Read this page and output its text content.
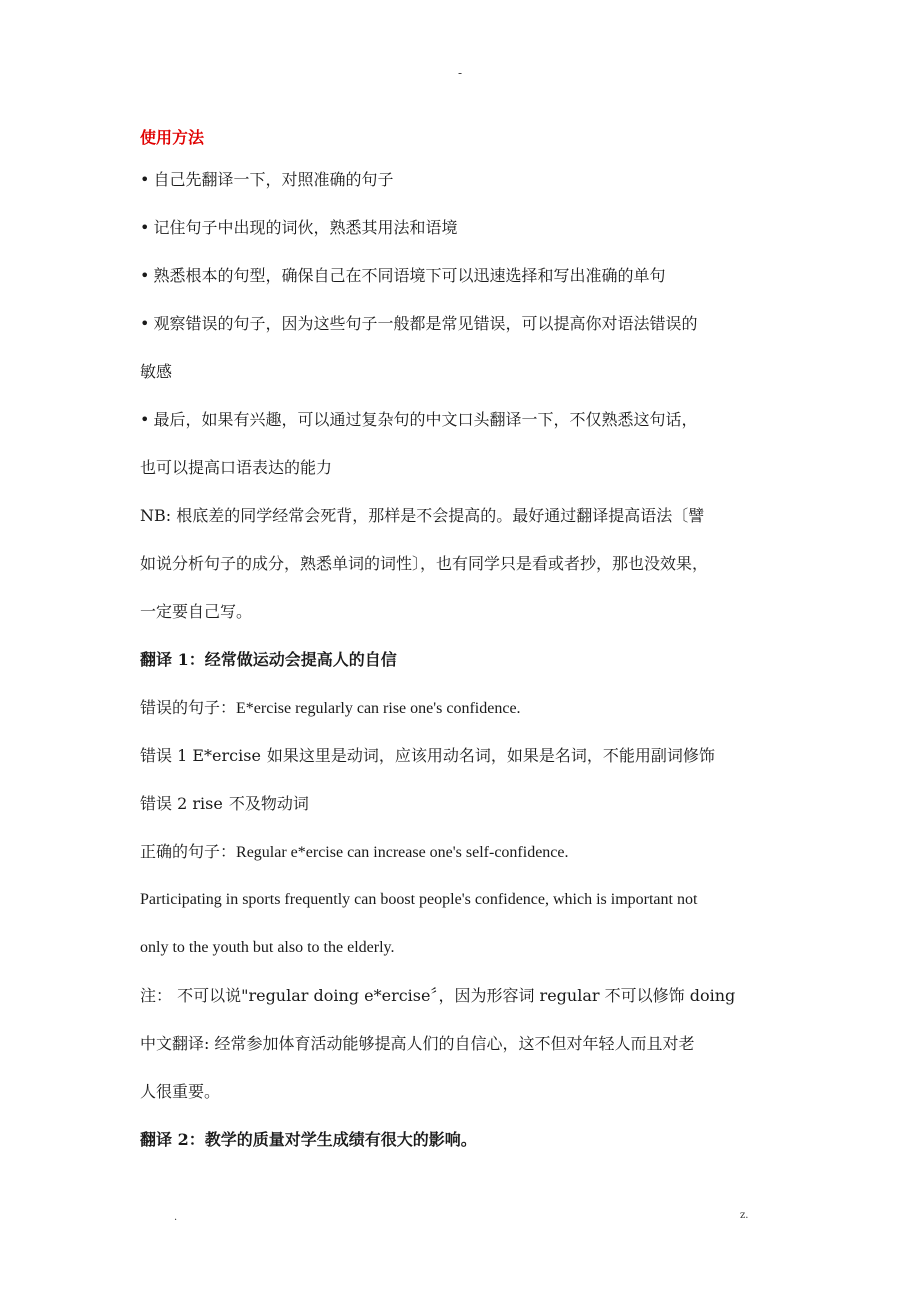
-
使用方法
• 自己先翻译一下，对照准确的句子
• 记住句子中出现的词伙，熟悉其用法和语境
• 熟悉根本的句型，确保自己在不同语境下可以迅速选择和写出准确的单句
• 观察错误的句子，因为这些句子一般都是常见错误，可以提高你对语法错误的
敏感
• 最后，如果有兴趣，可以通过复杂句的中文口头翻译一下，不仅熟悉这句话，
也可以提高口语表达的能力
NB: 根底差的同学经常会死背，那样是不会提高的。最好通过翻译提高语法〔譬
如说分析句子的成分，熟悉单词的词性〕，也有同学只是看或者抄，那也没效果，
一定要自己写。
翻译 1：经常做运动会提高人的自信
错误的句子：E*ercise regularly can rise one's confidence.
错误 1 E*ercise 如果这里是动词，应该用动名词，如果是名词，不能用副词修饰
错误 2 rise 不及物动词
正确的句子：Regular e*ercise can increase one's self-confidence.
Participating in sports frequently can boost people's confidence, which is important not
only to the youth but also to the elderly.
注： 不可以说"regular doing e*ercise〞，因为形容词 regular 不可以修饰 doing
中文翻译: 经常参加体育活动能够提高人们的自信心，这不但对年轻人而且对老
人很重要。
翻译 2：教学的质量对学生成绩有很大的影响。
.	z.
